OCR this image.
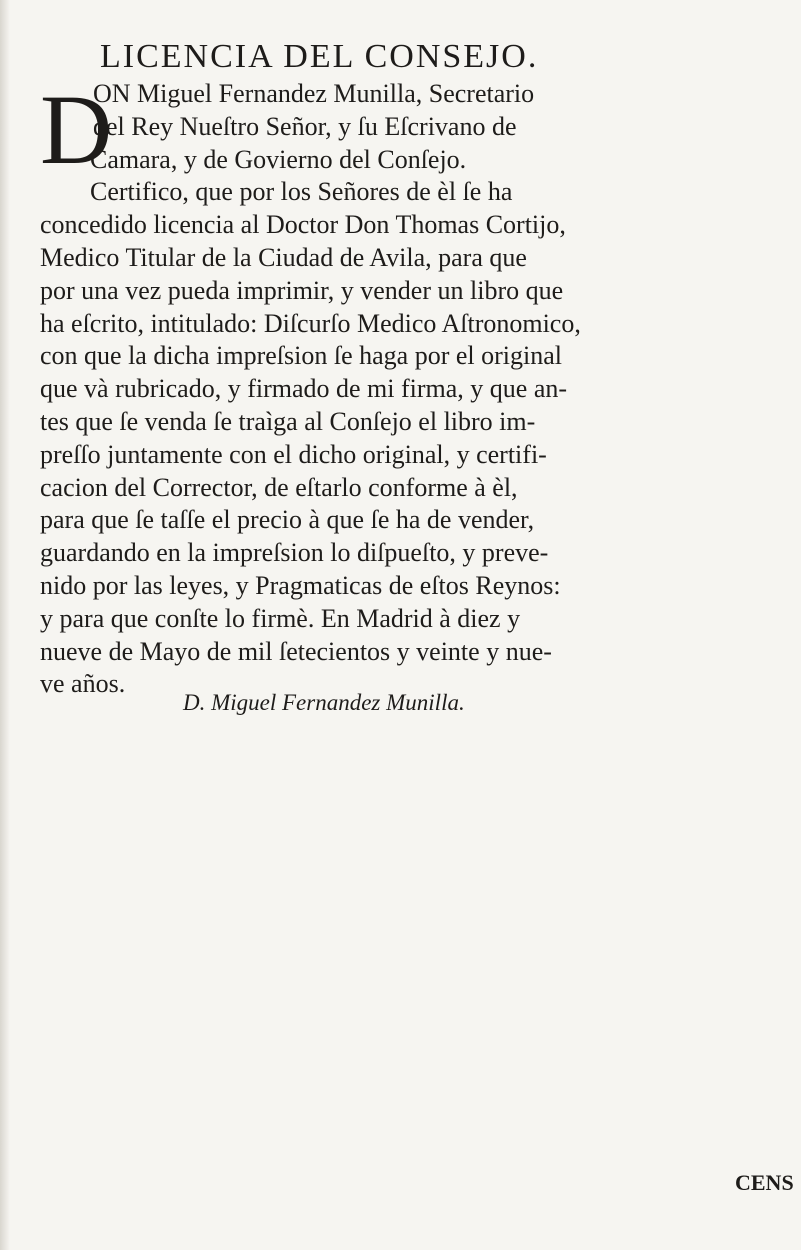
LICENCIA DEL CONSEJO.
D
ON Miguel Fernandez Munilla, Secretario
del Rey Nueſtro Señor, y ſu Eſcrivano de
Camara, y de Govierno del Conſejo.
Certifico, que por los Señores de èl ſe ha
concedido licencia al Doctor Don Thomas Cortijo,
Medico Titular de la Ciudad de Avila, para que
por una vez pueda imprimir, y vender un libro que
ha eſcrito, intitulado: Diſcurſo Medico Aſtronomico,
con que la dicha impreſsion ſe haga por el original
que và rubricado, y firmado de mi firma, y que an-
tes que ſe venda ſe traìga al Conſejo el libro im-
preſſo juntamente con el dicho original, y certifi-
cacion del Corrector, de eſtarlo conforme à èl,
para que ſe taſſe el precio à que ſe ha de vender,
guardando en la impreſsion lo diſpueſto, y preve-
nido por las leyes, y Pragmaticas de eſtos Reynos:
y para que conſte lo firmè. En Madrid à diez y
nueve de Mayo de mil ſetecientos y veinte y nue-
ve años.
D. Miguel Fernandez Munilla.
CENS
